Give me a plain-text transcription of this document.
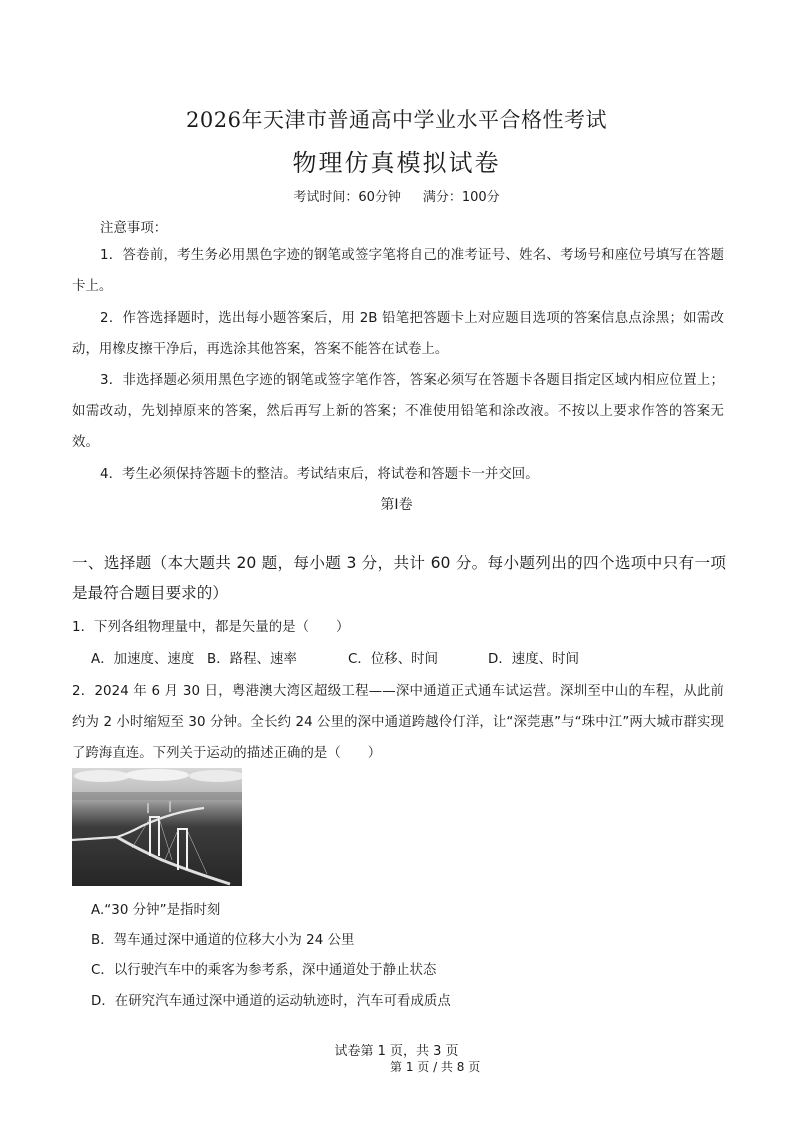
2026年天津市普通高中学业水平合格性考试
物理仿真模拟试卷
考试时间：60分钟 满分：100分
注意事项：
1．答卷前，考生务必用黑色字迹的钢笔或签字笔将自己的准考证号、姓名、考场号和座位号填写在答题卡上。
2．作答选择题时，选出每小题答案后，用 2B 铅笔把答题卡上对应题目选项的答案信息点涂黑；如需改动，用橡皮擦干净后，再选涂其他答案，答案不能答在试卷上。
3．非选择题必须用黑色字迹的钢笔或签字笔作答，答案必须写在答题卡各题目指定区域内相应位置上；如需改动，先划掉原来的答案，然后再写上新的答案；不准使用铅笔和涂改液。不按以上要求作答的答案无效。
4．考生必须保持答题卡的整洁。考试结束后，将试卷和答题卡一并交回。
第Ⅰ卷
一、选择题（本大题共 20 题，每小题 3 分，共计 60 分。每小题列出的四个选项中只有一项是最符合题目要求的）
1．下列各组物理量中，都是矢量的是（　　）
A．加速度、速度 B．路程、速率	C．位移、时间	D．速度、时间
2．2024 年 6 月 30 日，粤港澳大湾区超级工程——深中通道正式通车试运营。深圳至中山的车程，从此前约为 2 小时缩短至 30 分钟。全长约 24 公里的深中通道跨越伶仃洋，让“深莞惠”与“珠中江”两大城市群实现了跨海直连。下列关于运动的描述正确的是（　　）
A.“30 分钟”是指时刻
B．驾车通过深中通道的位移大小为 24 公里
C．以行驶汽车中的乘客为参考系，深中通道处于静止状态
D．在研究汽车通过深中通道的运动轨迹时，汽车可看成质点
试卷第 1 页，共 3 页
第 1 页 / 共 8 页
